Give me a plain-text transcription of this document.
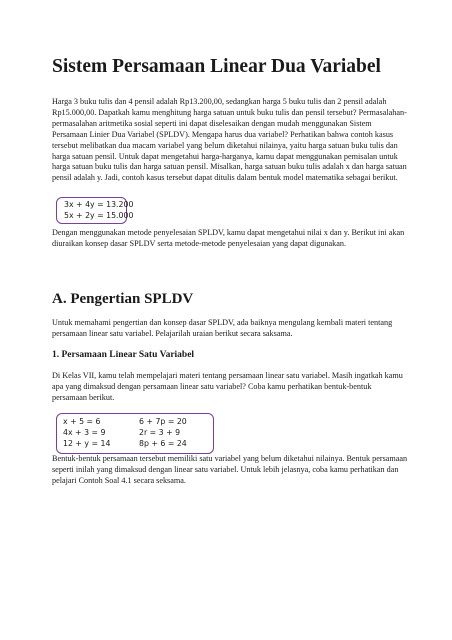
Sistem Persamaan Linear Dua Variabel

Harga 3 buku tulis dan 4 pensil adalah Rp13.200,00, sedangkan harga 5 buku tulis dan 2 pensil adalah Rp15.000,00. Dapatkah kamu menghitung harga satuan untuk buku tulis dan pensil tersebut? Permasalahan-permasalahan aritmetika sosial seperti ini dapat diselesaikan dengan mudah menggunakan Sistem Persamaan Linier Dua Variabel (SPLDV). Mengapa harus dua variabel? Perhatikan bahwa contoh kasus tersebut melibatkan dua macam variabel yang belum diketahui nilainya, yaitu harga satuan buku tulis dan harga satuan pensil. Untuk dapat mengetahui harga-harganya, kamu dapat menggunakan pemisalan untuk harga satuan buku tulis dan harga satuan pensil. Misalkan, harga satuan buku tulis adalah x dan harga satuan pensil adalah y. Jadi, contoh kasus tersebut dapat ditulis dalam bentuk model matematika sebagai berikut.

3x + 4y = 13.200
5x + 2y = 15.000

Dengan menggunakan metode penyelesaian SPLDV, kamu dapat mengetahui nilai x dan y. Berikut ini akan diuraikan konsep dasar SPLDV serta metode-metode penyelesaian yang dapat digunakan.

A. Pengertian SPLDV

Untuk memahami pengertian dan konsep dasar SPLDV, ada baiknya mengulang kembali materi tentang persamaan linear satu variabel. Pelajarilah uraian berikut secara saksama.

1. Persamaan Linear Satu Variabel

Di Kelas VII, kamu telah mempelajari materi tentang persamaan linear satu variabel. Masih ingatkah kamu apa yang dimaksud dengan persamaan linear satu variabel? Coba kamu perhatikan bentuk-bentuk persamaan berikut.

x + 5 = 6
4x + 3 = 9
12 + y = 14
6 + 7p = 20
2r = 3 + 9
8p + 6 = 24

Bentuk-bentuk persamaan tersebut memiliki satu variabel yang belum diketahui nilainya. Bentuk persamaan seperti inilah yang dimaksud dengan linear satu variabel. Untuk lebih jelasnya, coba kamu perhatikan dan pelajari Contoh Soal 4.1 secara seksama.
